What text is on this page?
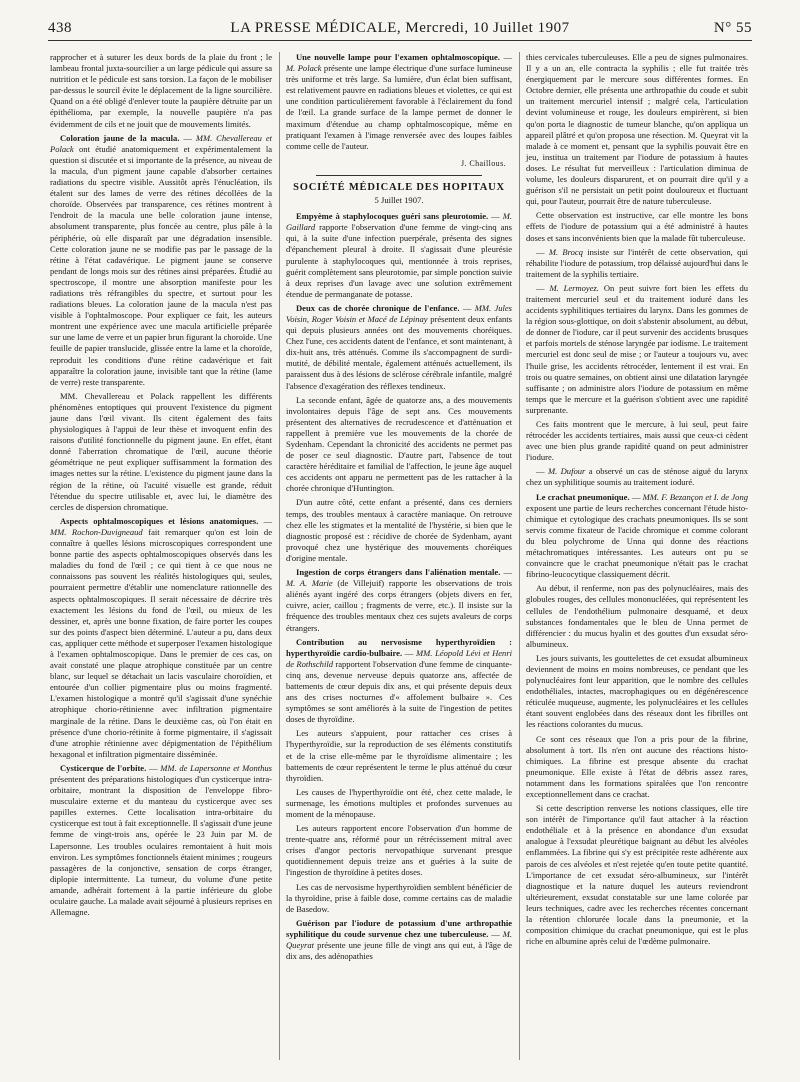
438	LA PRESSE MÉDICALE, Mercredi, 10 Juillet 1907	N° 55

rapprocher et à suturer les deux bords de la plaie du front ; le lambeau frontal juxta-sourcilier a un large pédicule qui assure sa nutrition et le pédicule est sans torsion. La façon de le mobiliser par-dessus le sourcil évite le déplacement de la ligne sourcilière. Quand on a été obligé d'enlever toute la paupière détruite par un épithélioma, par exemple, la nouvelle paupière n'a pas évidemment de cils et ne jouit que de mouvements limités.

Coloration jaune de la macula. — MM. Chevallereau et Polack ont étudié anatomiquement et expérimentalement la question si discutée et si importante de la présence, au niveau de la macula, d'un pigment jaune capable d'absorber certaines radiations du spectre visible. Aussitôt après l'énucléation, ils étalent sur des lames de verre des rétines décollées de la choroïde. Observées par transparence, ces rétines montrent à l'endroit de la macula une belle coloration jaune intense, absolument transparente, plus foncée au centre, plus pâle à la périphérie, où elle disparaît par une dégradation insensible. Cette coloration jaune ne se modifie pas par le passage de la rétine à l'état cadavérique. Le pigment jaune se conserve pendant de longs mois sur des rétines ainsi préparées. Étudié au spectroscope, il montre une absorption manifeste pour les radiations très réfrangibles du spectre, et surtout pour les radiations bleues. La coloration jaune de la macula n'est pas visible à l'ophtalmoscope. Pour expliquer ce fait, les auteurs montrent une expérience avec une macula artificielle préparée sur une lame de verre et un papier brun figurant la choroïde. Une feuille de papier translucide, glissée entre la lame et la choroïde, reproduit les conditions d'une rétine cadavérique et fait apparaître la coloration jaune, invisible tant que la rétine (lame de verre) reste transparente.

MM. Chevallereau et Polack rappellent les différents phénomènes entoptiques qui prouvent l'existence du pigment jaune dans l'œil vivant. Ils citent également des faits physiologiques à l'appui de leur thèse et invoquent enfin des raisons d'utilité fonctionnelle du pigment jaune. En effet, étant donné l'aberration chromatique de l'œil, aucune théorie géométrique ne peut expliquer suffisamment la formation des images nettes sur la rétine. L'existence du pigment jaune dans la région de la rétine, où l'acuité visuelle est grande, réduit l'étendue du spectre utilisable et, avec lui, le diamètre des cercles de dispersion chromatique.

Aspects ophtalmoscopiques et lésions anatomiques. — MM. Rochon-Duvigneaud fait remarquer qu'on est loin de connaître à quelles lésions microscopiques correspondent une bonne partie des aspects ophtalmoscopiques observés dans les maladies du fond de l'œil ; ce qui tient à ce que nous ne connaissons pas souvent les réalités histologiques qui, seules, pourraient permettre d'établir une nomenclature rationnelle des aspects ophtalmoscopiques. Il serait nécessaire de décrire très exactement les lésions du fond de l'œil, ou mieux de les dessiner, et, après une bonne fixation, de faire porter les coupes sur des points d'aspect bien déterminé. L'auteur a pu, dans deux cas, appliquer cette méthode et superposer l'examen histologique à l'examen ophtalmoscopique. Dans le premier de ces cas, on avait constaté une plaque atrophique constituée par un centre blanc, sur lequel se détachait un lacis vasculaire choroïdien, et entourée d'un collier pigmentaire plus ou moins fragmenté. L'examen histologique a montré qu'il s'agissait d'une synéchie atrophique chorio-rétinienne avec infiltration pigmentaire marginale de la rétine. Dans le deuxième cas, où l'on était en présence d'une chorio-rétinite à forme pigmentaire, il s'agissait d'une atrophie rétinienne avec dépigmentation de l'épithélium hexagonal et infiltration pigmentaire disséminée.

Cysticerque de l'orbite. — MM. de Lapersonne et Monthus présentent des préparations histologiques d'un cysticerque intra-orbitaire, montrant la disposition de l'enveloppe fibro-musculaire externe et du manteau du cysticerque avec ses papilles externes. Cette localisation intra-orbitaire du cysticerque est tout à fait exceptionnelle. Il s'agissait d'une jeune femme de vingt-trois ans, opérée le 23 Juin par M. de Lapersonne. Les troubles oculaires remontaient à huit mois environ. Les symptômes fonctionnels étaient minimes ; rougeurs passagères de la conjonctive, sensation de corps étranger, diplopie intermittente. La tumeur, du volume d'une petite amande, adhérait fortement à la partie inférieure du globe oculaire gauche. La malade avait séjourné à plusieurs reprises en Allemagne.

Une nouvelle lampe pour l'examen ophtalmoscopique. — M. Polack présente une lampe électrique d'une surface lumineuse très uniforme et très large. Sa lumière, d'un éclat bien suffisant, est relativement pauvre en radiations bleues et violettes, ce qui est une condition particulièrement favorable à l'éclairement du fond de l'œil. La grande surface de la lampe permet de donner le maximum d'étendue au champ ophtalmoscopique, même en pratiquant l'examen à l'image renversée avec des loupes faibles comme celle de l'auteur.

J. Chaillous.
SOCIÉTÉ MÉDICALE DES HOPITAUX
5 Juillet 1907.

Empyème à staphylocoques guéri sans pleurotomie. — M. Gaillard rapporte l'observation d'une femme de vingt-cinq ans qui, à la suite d'une infection puerpérale, présenta des signes d'épanchement pleural à droite. Il s'agissait d'une pleurésie purulente à staphylocoques qui, mentionnée à trois reprises, guérit complètement sans pleurotomie, par simple ponction suivie à deux reprises d'un lavage avec une solution extrêmement étendue de permanganate de potasse.

Deux cas de chorée chronique de l'enfance. — MM. Jules Voisin, Roger Voisin et Macé de Lépinay présentent deux enfants qui depuis plusieurs années ont des mouvements choréiques. Chez l'une, ces accidents datent de l'enfance, et sont maintenant, à dix-huit ans, très atténués. Comme ils s'accompagnent de surdi-mutité, de débilité mentale, également atténués actuellement, ils paraissent dus à des lésions de sclérose cérébrale infantile, malgré l'absence d'exagération des réflexes tendineux.

La seconde enfant, âgée de quatorze ans, a des mouvements involontaires depuis l'âge de sept ans. Ces mouvements présentent des alternatives de recrudescence et d'atténuation et rappellent à première vue les mouvements de la chorée de Sydenham. Cependant la chronicité des accidents ne permet pas de poser ce seul diagnostic. D'autre part, l'absence de tout caractère héréditaire et familial de l'affection, le jeune âge auquel ces accidents ont apparu ne permettent pas de les rattacher à la chorée chronique d'Huntington.

D'un autre côté, cette enfant a présenté, dans ces derniers temps, des troubles mentaux à caractère maniaque. On retrouve chez elle les stigmates et la mentalité de l'hystérie, si bien que le diagnostic proposé est : récidive de chorée de Sydenham, ayant provoqué chez une hystérique des mouvements choréiques d'origine mentale.

Ingestion de corps étrangers dans l'aliénation mentale. — M. A. Marie (de Villejuif) rapporte les observations de trois aliénés ayant ingéré des corps étrangers (objets divers en fer, cuivre, acier, caillou ; fragments de verre, etc.). Il insiste sur la fréquence des troubles mentaux chez ces sujets avaleurs de corps étrangers.

Contribution au nervosisme hyperthyroïdien : hyperthyroïdie cardio-bulbaire. — MM. Léopold Lévi et Henri de Rothschild rapportent l'observation d'une femme de cinquante-cinq ans, devenue nerveuse depuis quatorze ans, affectée de battements de cœur depuis dix ans, et qui présente depuis deux ans des crises nocturnes d'« affolement bulbaire ». Ces symptômes se sont améliorés à la suite de l'ingestion de petites doses de thyroïdine.

Les auteurs s'appuient, pour rattacher ces crises à l'hyperthyroïdie, sur la reproduction de ses éléments constitutifs et de la crise elle-même par le thyroïdisme alimentaire ; les battements de cœur représentent le terme le plus atténué du cœur thyroïdien.

Les causes de l'hyperthyroïdie ont été, chez cette malade, le surmenage, les émotions multiples et profondes survenues au moment de la ménopause.

Les auteurs rapportent encore l'observation d'un homme de trente-quatre ans, réformé pour un rétrécissement mitral avec crises d'angor pectoris nervopathique survenant presque quotidiennement depuis treize ans et guéries à la suite de l'ingestion de thyroïdine à petites doses.

Les cas de nervosisme hyperthyroïdien semblent bénéficier de la thyroïdine, prise à faible dose, comme certains cas de maladie de Basedow.

Guérison par l'iodure de potassium d'une arthropathie syphilitique du coude survenue chez une tuberculeuse. — M. Queyrat présente une jeune fille de vingt ans qui eut, à l'âge de dix ans, des adénopathies

thies cervicales tuberculeuses. Elle a peu de signes pulmonaires. Il y a un an, elle contracta la syphilis ; elle fut traitée très énergiquement par le mercure sous différentes formes. En Octobre dernier, elle présenta une arthropathie du coude et subit un traitement mercuriel intensif ; malgré cela, l'articulation devint volumineuse et rouge, les douleurs empirèrent, si bien qu'on porta le diagnostic de tumeur blanche, qu'on appliqua un appareil plâtré et qu'on proposa une résection. M. Queyrat vit la malade à ce moment et, pensant que la syphilis pouvait être en jeu, institua un traitement par l'iodure de potassium à hautes doses. Le résultat fut merveilleux : l'articulation diminua de volume, les douleurs disparurent, et on pourrait dire qu'il y a guérison s'il ne persistait un petit point douloureux et fluctuant qui, pour l'auteur, pourrait être de nature tuberculeuse.

Cette observation est instructive, car elle montre les bons effets de l'iodure de potassium qui a été administré à hautes doses et sans inconvénients bien que la malade fût tuberculeuse.

— M. Brocq insiste sur l'intérêt de cette observation, qui réhabilite l'iodure de potassium, trop délaissé aujourd'hui dans le traitement de la syphilis tertiaire.

— M. Lermoyez. On peut suivre fort bien les effets du traitement mercuriel seul et du traitement ioduré dans les accidents syphilitiques tertiaires du larynx. Dans les gommes de la région sous-glottique, on doit s'abstenir absolument, au début, de donner de l'iodure, car il peut survenir des accidents brusques et parfois mortels de sténose laryngée par iodisme. Le traitement mercuriel est donc seul de mise ; or l'auteur a toujours vu, avec l'huile grise, les accidents rétrocéder, lentement il est vrai. En trois ou quatre semaines, on obtient ainsi une dilatation laryngée suffisante ; on administre alors l'iodure de potassium en même temps que le mercure et la guérison s'obtient avec une rapidité surprenante.

Ces faits montrent que le mercure, à lui seul, peut faire rétrocéder les accidents tertiaires, mais aussi que ceux-ci cèdent avec une bien plus grande rapidité quand on peut administrer l'iodure.

— M. Dufour a observé un cas de sténose aiguë du larynx chez un syphilitique soumis au traitement ioduré.

Le crachat pneumonique. — MM. F. Bezançon et I. de Jong exposent une partie de leurs recherches concernant l'étude histo-chimique et cytologique des crachats pneumoniques. Ils se sont servis comme fixateur de l'acide chromique et comme colorant du bleu polychrome de Unna qui donne des réactions métachromatiques intéressantes. Les auteurs ont pu se convaincre que le crachat pneumonique n'était pas le crachat fibrino-leucocytique classiquement décrit.

Au début, il renferme, non pas des polynucléaires, mais des globules rouges, des cellules mononucléées, qui représentent les cellules de l'endothélium pulmonaire desquamé, et deux substances fondamentales que le bleu de Unna permet de différencier : du mucus hyalin et des gouttes d'un exsudat séro-albumineux.

Les jours suivants, les gouttelettes de cet exsudat albumineux deviennent de moins en moins nombreuses, ce pendant que les polynucléaires font leur apparition, que le nombre des cellules endothéliales, intactes, macrophagiques ou en dégénérescence réticulée muqueuse, augmente, les polynucléaires et les cellules étant souvent englobées dans des réseaux dont les fibrilles ont les réactions colorantes du mucus.

Ce sont ces réseaux que l'on a pris pour de la fibrine, absolument à tort. Ils n'en ont aucune des réactions histo-chimiques. La fibrine est presque absente du crachat pneumonique. Elle existe à l'état de débris assez rares, notamment dans les formations spiralées que l'on rencontre exceptionnellement dans ce crachat.

Si cette description renverse les notions classiques, elle tire son intérêt de l'importance qu'il faut attacher à la réaction endothéliale et à la présence en abondance d'un exsudat analogue à l'exsudat pleurétique baignant au début les alvéoles enflammées. La fibrine qui s'y est précipitée reste adhérente aux parois de ces alvéoles et n'est rejetée qu'en toute petite quantité. L'importance de cet exsudat séro-albumineux, sur l'intérêt diagnostique et la nature duquel les auteurs reviendront ultérieurement, exsudat constatable sur une lame colorée par leurs techniques, cadre avec les recherches récentes concernant la rétention chlorurée locale dans la pneumonie, et la composition chimique du crachat pneumonique, qui est le plus riche en albumine après celui de l'œdème pulmonaire.
